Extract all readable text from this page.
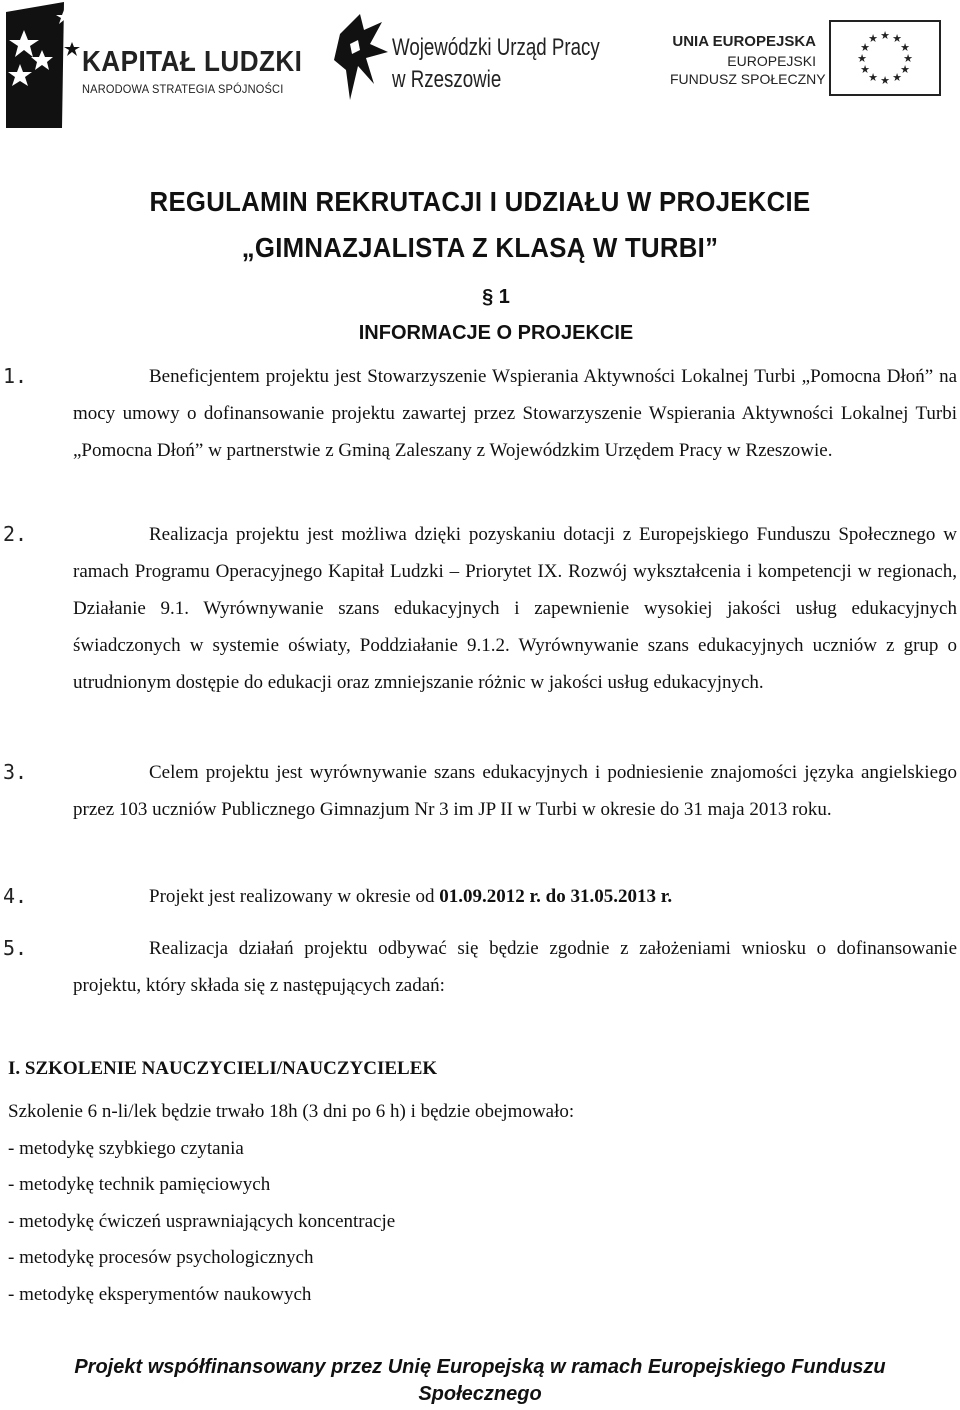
KAPITAŁ LUDZKI
NARODOWA STRATEGIA SPÓJNOŚCI
Wojewódzki Urząd Pracy
w Rzeszowie
UNIA EUROPEJSKA
EUROPEJSKI
FUNDUSZ SPOŁECZNY
★ ★
★
★
★
★
★
★
★
★
★
★
REGULAMIN REKRUTACJI I UDZIAŁU W PROJEKCIE
„GIMNAZJALISTA Z KLASĄ W TURBI”
§ 1
INFORMACJE O PROJEKCIE
1.	Beneficjentem projektu jest Stowarzyszenie Wspierania Aktywności Lokalnej Turbi „Pomocna Dłoń” na mocy umowy o dofinansowanie projektu zawartej przez Stowarzyszenie Wspierania Aktywności Lokalnej Turbi „Pomocna Dłoń” w partnerstwie z Gminą Zaleszany z Wojewódzkim Urzędem Pracy w Rzeszowie.
2.	Realizacja projektu jest możliwa dzięki pozyskaniu dotacji z Europejskiego Funduszu Społecznego w ramach Programu Operacyjnego Kapitał Ludzki – Priorytet IX. Rozwój wykształcenia i kompetencji w regionach, Działanie 9.1. Wyrównywanie szans edukacyjnych i zapewnienie wysokiej jakości usług edukacyjnych świadczonych w systemie oświaty, Poddziałanie 9.1.2. Wyrównywanie szans edukacyjnych uczniów z grup o utrudnionym dostępie do edukacji oraz zmniejszanie różnic w jakości usług edukacyjnych.
3.	Celem projektu jest wyrównywanie szans edukacyjnych i podniesienie znajomości języka angielskiego przez 103 uczniów Publicznego Gimnazjum Nr 3 im JP II w Turbi w okresie do 31 maja 2013 roku.
4.	Projekt jest realizowany w okresie od 01.09.2012 r. do 31.05.2013 r.
5.	Realizacja działań projektu odbywać się będzie zgodnie z założeniami wniosku o dofinansowanie projektu, który składa się z następujących zadań:
I. SZKOLENIE NAUCZYCIELI/NAUCZYCIELEK
Szkolenie 6 n-li/lek będzie trwało 18h (3 dni po 6 h) i będzie obejmowało:
- metodykę szybkiego czytania
- metodykę technik pamięciowych
- metodykę ćwiczeń usprawniających koncentracje
- metodykę procesów psychologicznych
- metodykę eksperymentów naukowych
Projekt współfinansowany przez Unię Europejską w ramach Europejskiego Funduszu
Społecznego
